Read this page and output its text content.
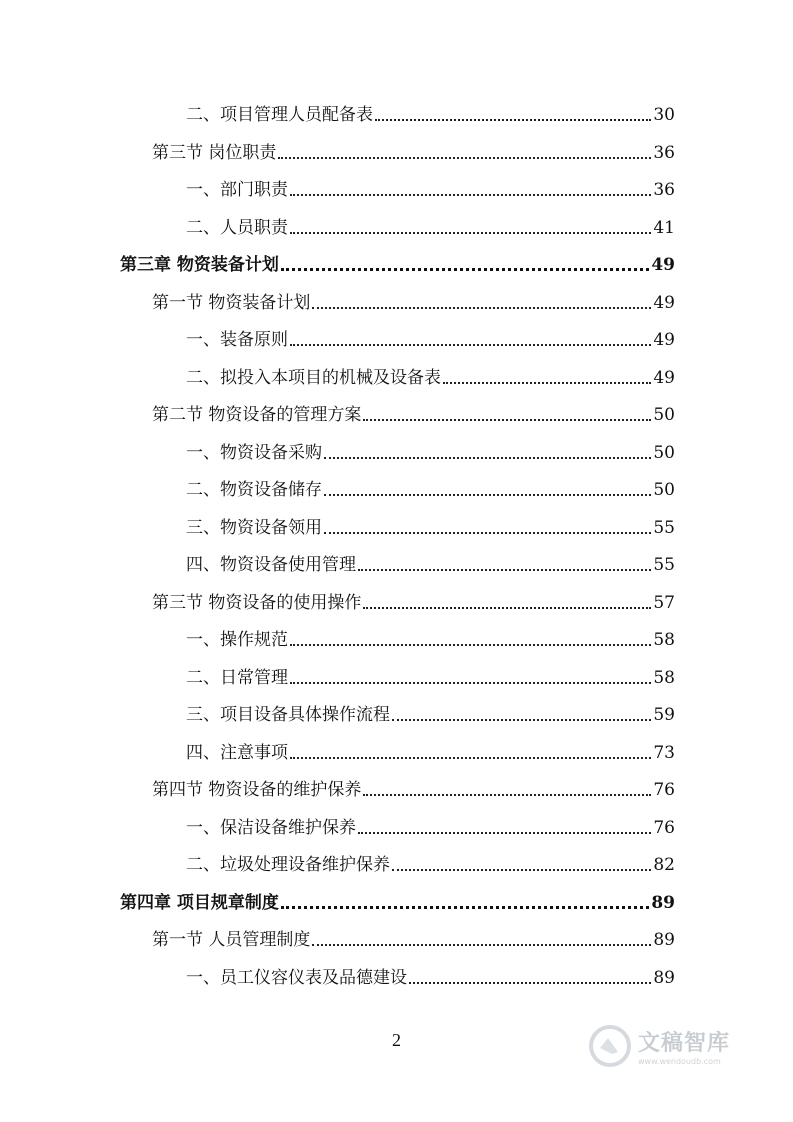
二、项目管理人员配备表	30
第三节 岗位职责	36
一、部门职责	36
二、人员职责	41
第三章 物资装备计划	49
第一节 物资装备计划	49
一、装备原则	49
二、拟投入本项目的机械及设备表	49
第二节 物资设备的管理方案	50
一、物资设备采购	50
二、物资设备储存	50
三、物资设备领用	55
四、物资设备使用管理	55
第三节 物资设备的使用操作	57
一、操作规范	58
二、日常管理	58
三、项目设备具体操作流程	59
四、注意事项	73
第四节 物资设备的维护保养	76
一、保洁设备维护保养	76
二、垃圾处理设备维护保养	82
第四章 项目规章制度	89
第一节 人员管理制度	89
一、员工仪容仪表及品德建设	89
2	文稿智库
www.wendoudb.com
